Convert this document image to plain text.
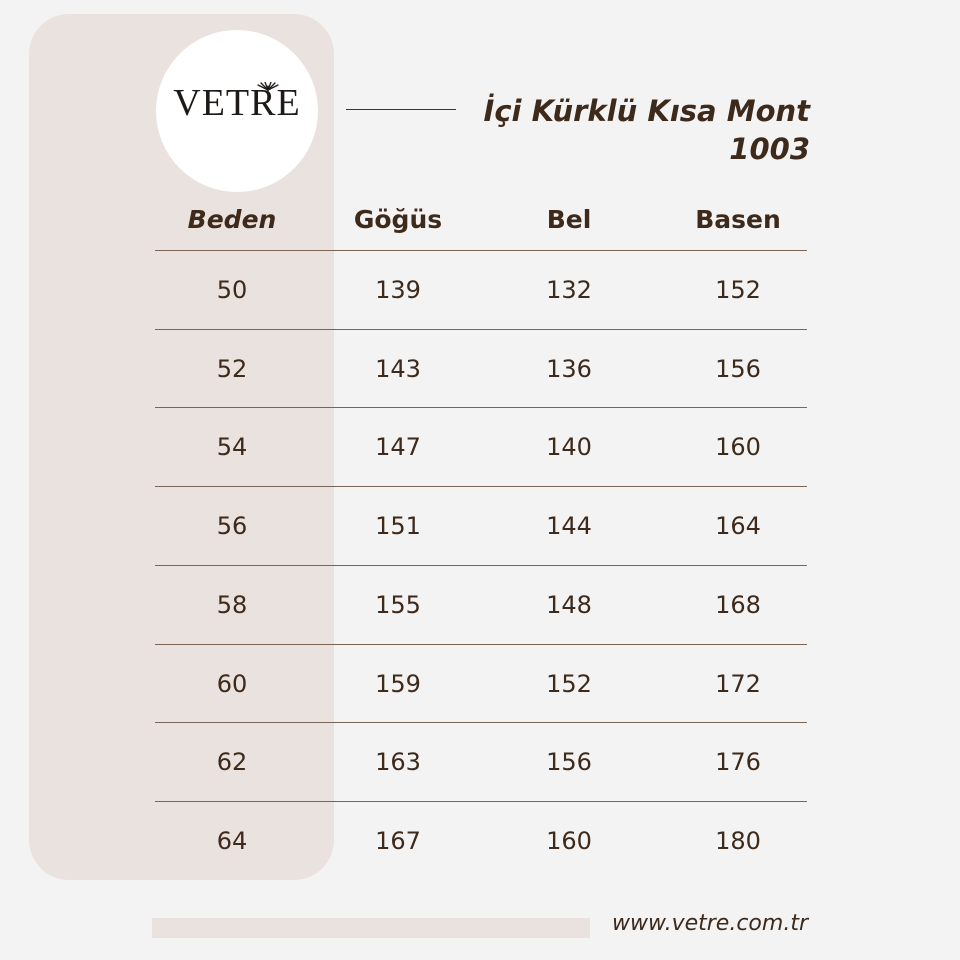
VETRE	İçi Kürklü Kısa Mont
1003
Beden	Göğüs	Bel	Basen
50	139	132	152
52	143	136	156
54	147	140	160
56	151	144	164
58	155	148	168
60	159	152	172
62	163	156	176
64	167	160	180
www.vetre.com.tr
